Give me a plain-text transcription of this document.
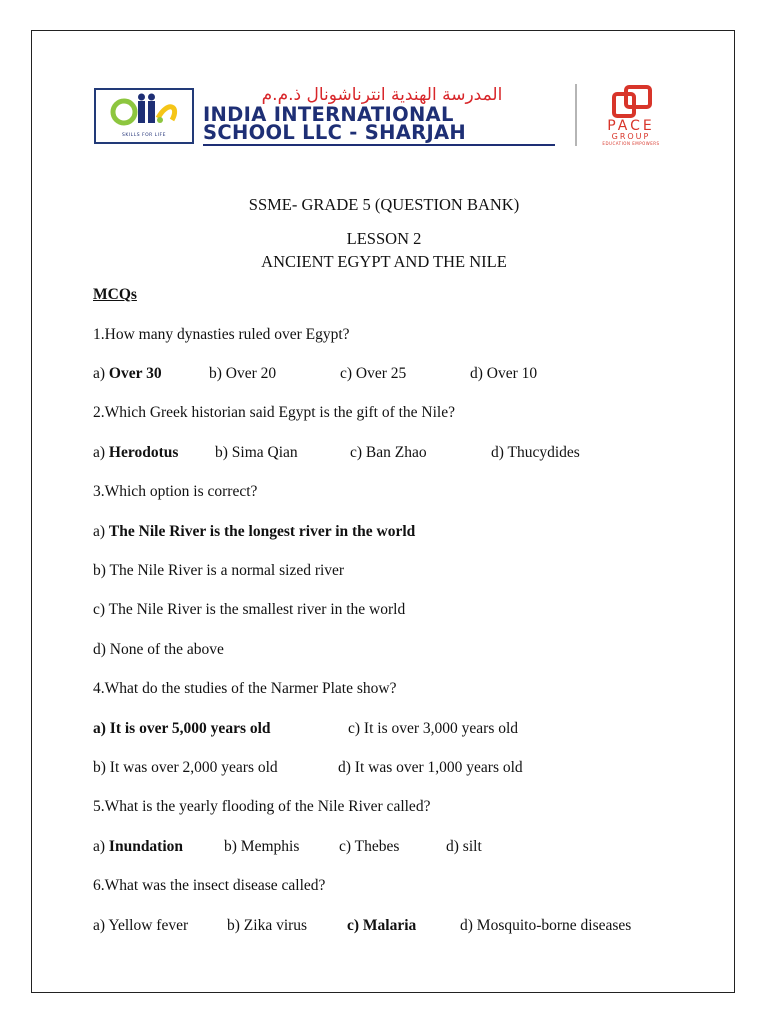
SKILLS FOR LIFE
المدرسة الهندية انترناشونال ذ.م.م
INDIA INTERNATIONAL
SCHOOL LLC - SHARJAH	PACE
GROUP
EDUCATION EMPOWERS
SSME- GRADE 5 (QUESTION BANK)
LESSON 2
ANCIENT EGYPT AND THE NILE
MCQs
1.How many dynasties ruled over Egypt?
a) Over 30	b) Over 20	c) Over 25	d) Over 10
2.Which Greek historian said Egypt is the gift of the Nile?
a) Herodotus b) Sima Qian	c) Ban Zhao	d) Thucydides
3.Which option is correct?
a) The Nile River is the longest river in the world
b) The Nile River is a normal sized river
c) The Nile River is the smallest river in the world
d) None of the above
4.What do the studies of the Narmer Plate show?
a) It is over 5,000 years old	c) It is over 3,000 years old
b) It was over 2,000 years old	d) It was over 1,000 years old
5.What is the yearly flooding of the Nile River called?
a) Inundation	b) Memphis	c) Thebes	d) silt
6.What was the insect disease called?
a) Yellow fever	b) Zika virus	c) Malaria	d) Mosquito-borne diseases
